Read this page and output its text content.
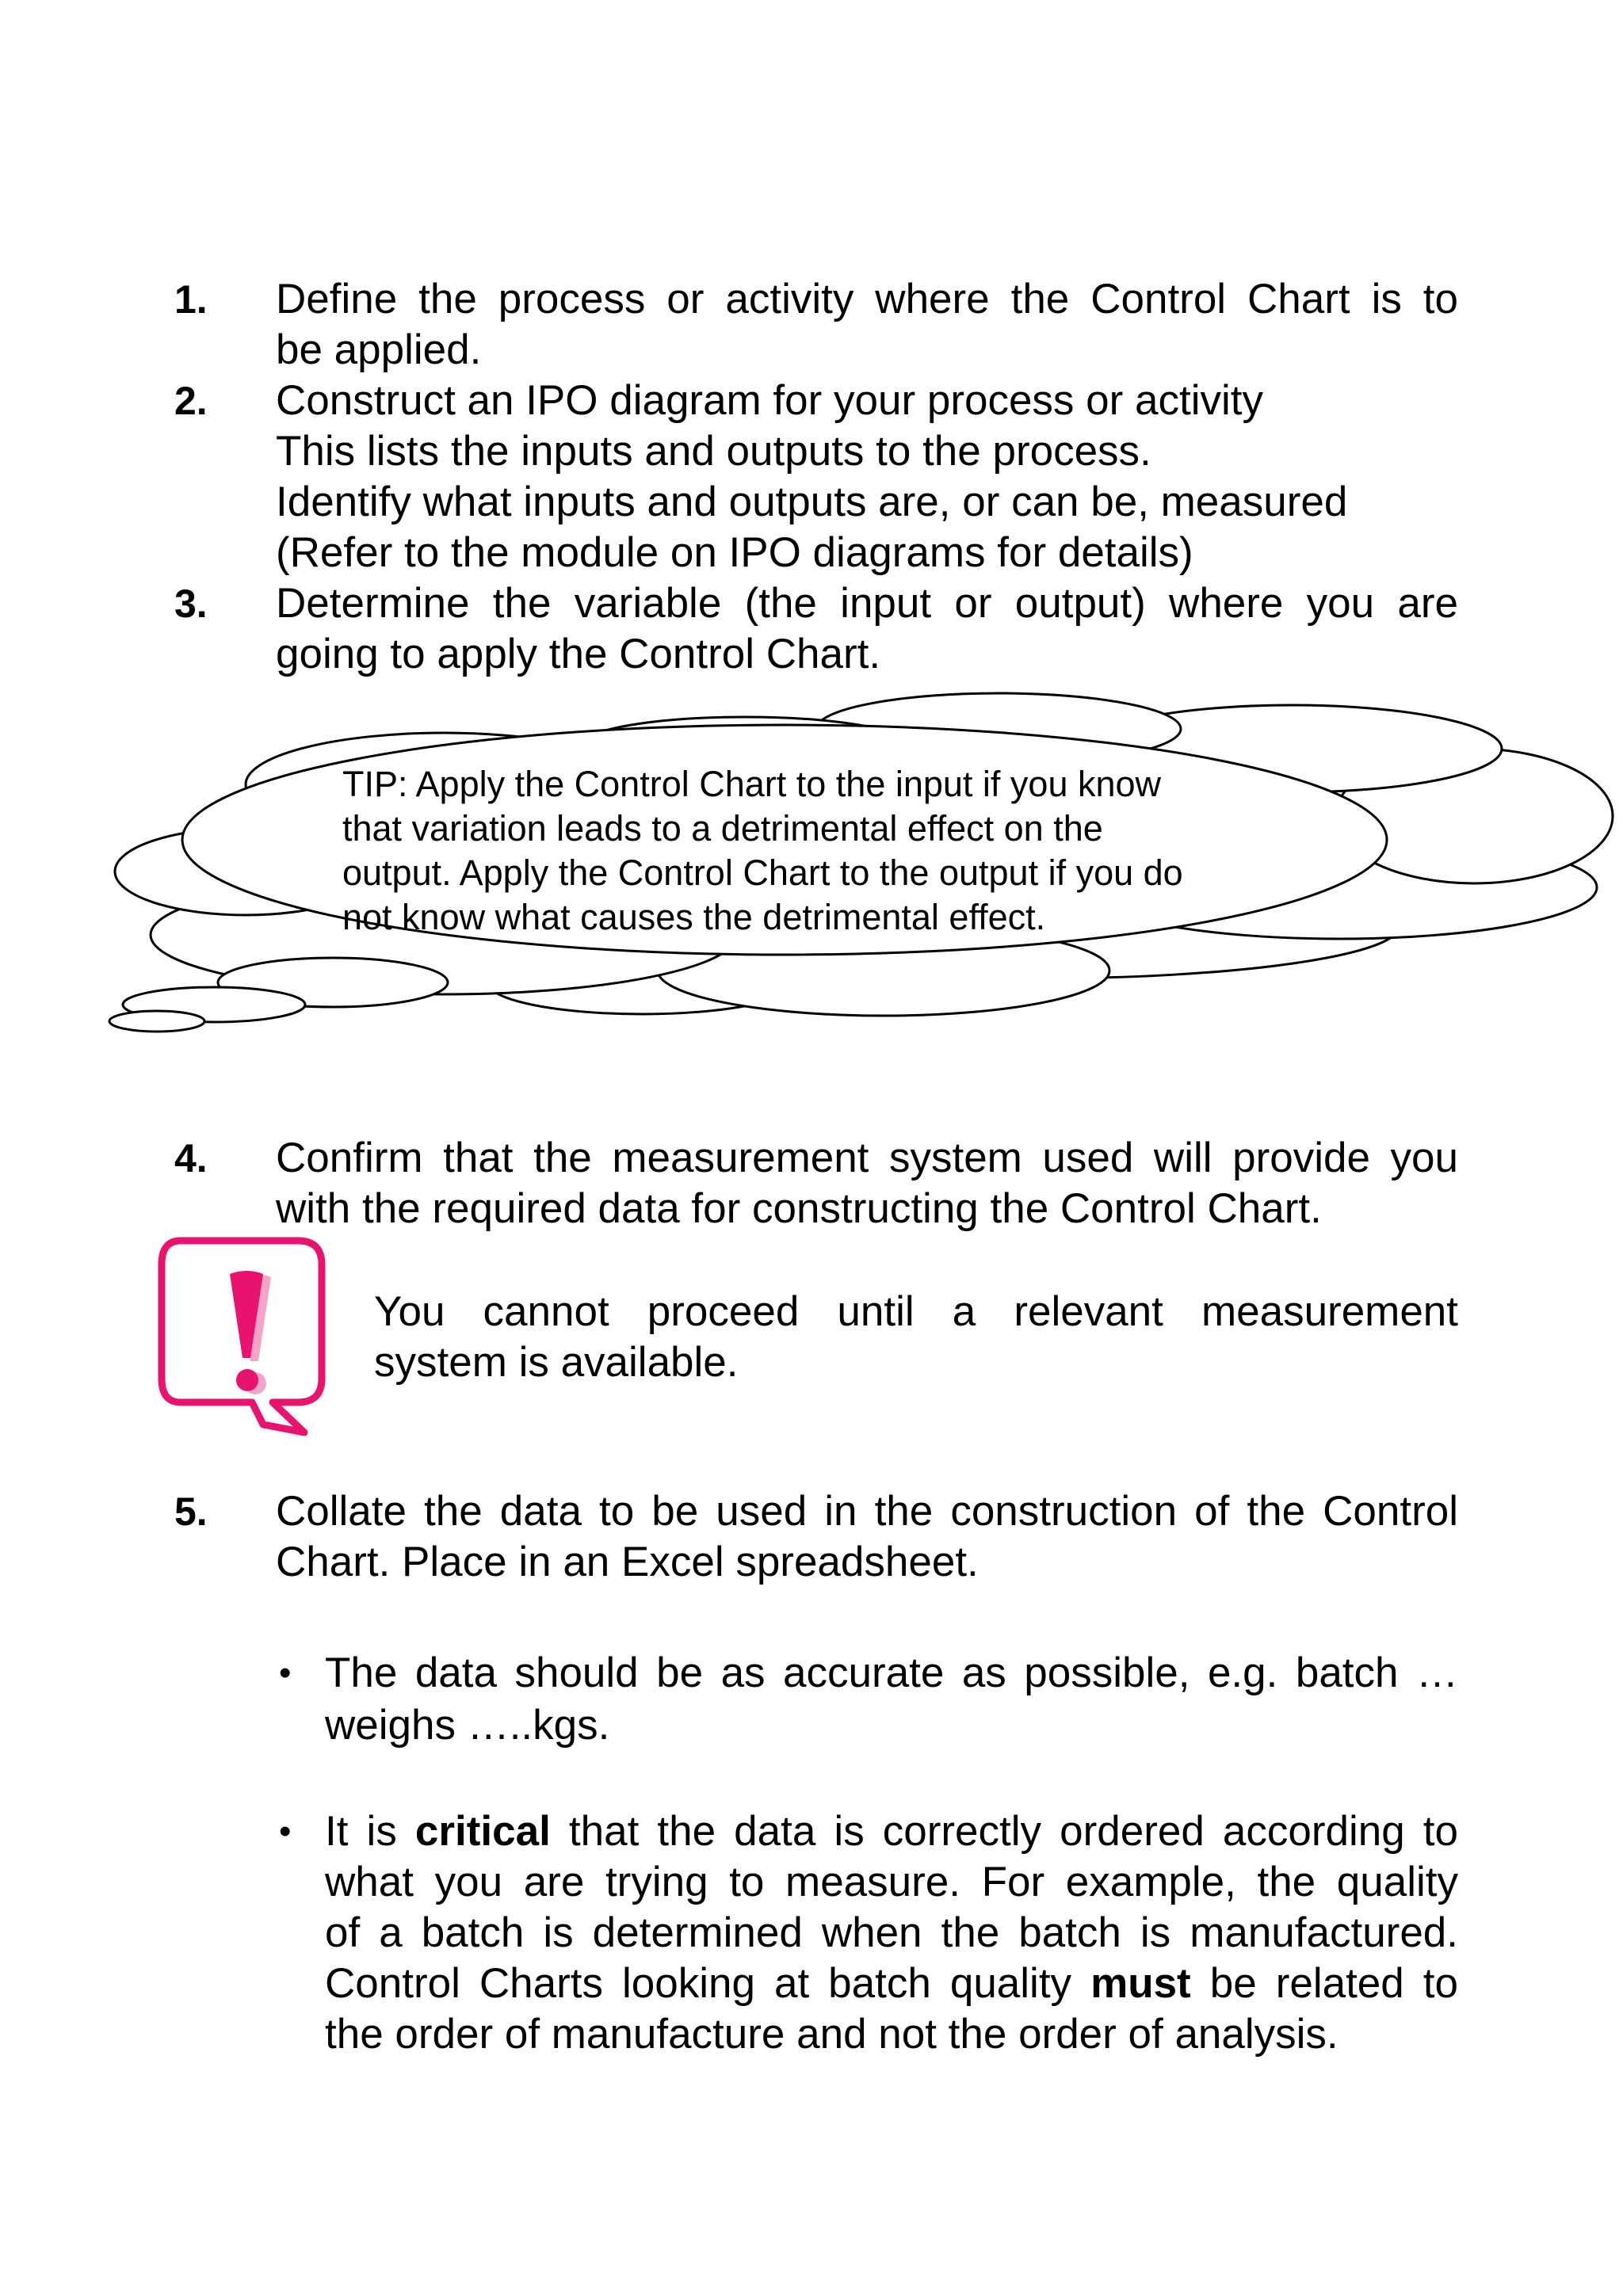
1. Define the process or activity where the Control Chart is to
be applied.
2. Construct an IPO diagram for your process or activity
This lists the inputs and outputs to the process.
Identify what inputs and outputs are, or can be, measured
(Refer to the module on IPO diagrams for details)
3. Determine the variable (the input or output) where you are
going to apply the Control Chart.
TIP: Apply the Control Chart to the input if you know
that variation leads to a detrimental effect on the
output. Apply the Control Chart to the output if you do
not know what causes the detrimental effect.
4. Confirm that the measurement system used will provide you
with the required data for constructing the Control Chart.
You cannot proceed until a relevant measurement
system is available.
5. Collate the data to be used in the construction of the Control
Chart. Place in an Excel spreadsheet.
• The data should be as accurate as possible, e.g. batch …
weighs …..kgs.
• It is critical that the data is correctly ordered according to
what you are trying to measure. For example, the quality
of a batch is determined when the batch is manufactured.
Control Charts looking at batch quality must be related to
the order of manufacture and not the order of analysis.
